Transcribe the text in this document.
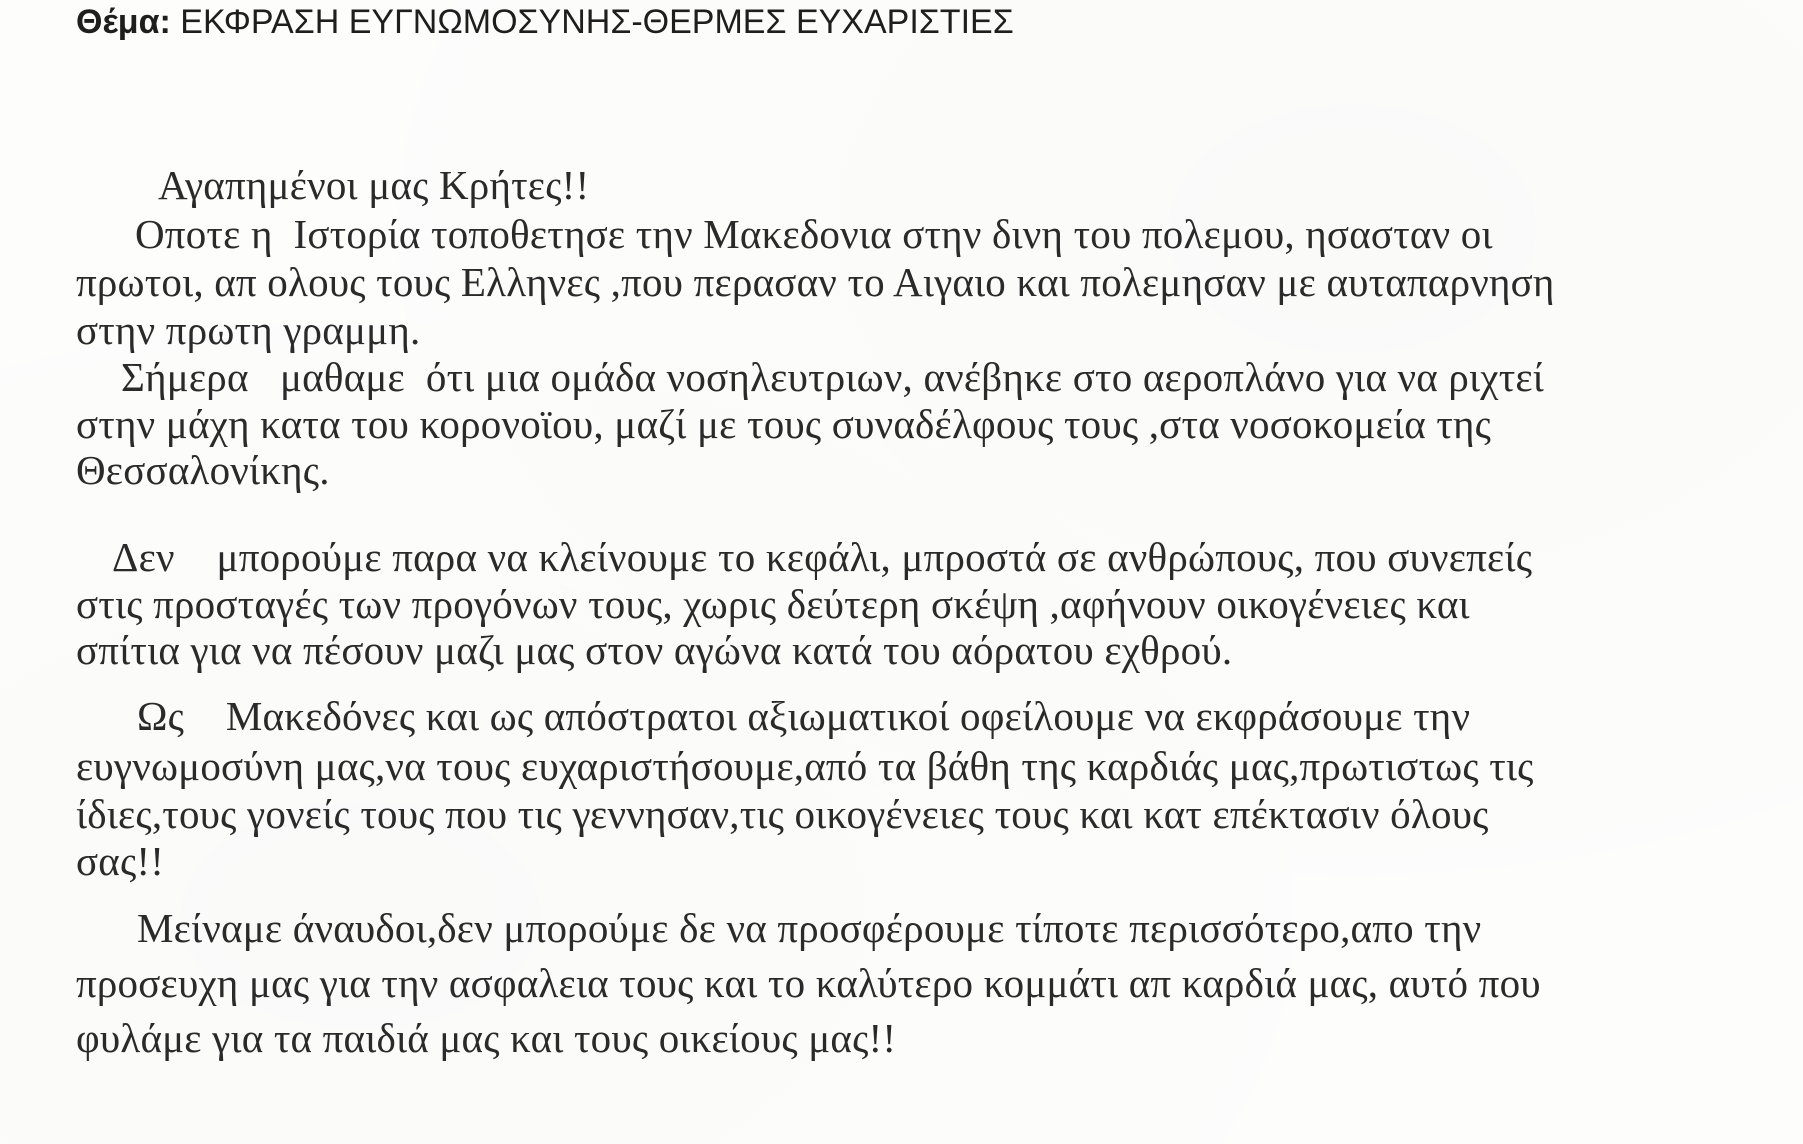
Θέμα: ΕΚΦΡΑΣΗ ΕΥΓΝΩΜΟΣΥΝΗΣ-ΘΕΡΜΕΣ ΕΥΧΑΡΙΣΤΙΕΣ
Αγαπημένοι μας Κρήτες!!
Οποτε η  Ιστορία τοποθετησε την Μακεδονια στην δινη του πολεμου, ησασταν οι
πρωτοι, απ ολους τους Ελληνες ,που περασαν το Αιγαιο και πολεμησαν με αυταπαρνηση
στην πρωτη γραμμη.
Σήμερα   μαθαμε  ότι μια ομάδα νοσηλευτριων, ανέβηκε στο αεροπλάνο για να ριχτεί
στην μάχη κατα του κορονοϊου, μαζί με τους συναδέλφους τους ,στα νοσοκομεία της
Θεσσαλονίκης.
Δεν    μπορούμε παρα να κλείνουμε το κεφάλι, μπροστά σε ανθρώπους, που συνεπείς
στις προσταγές των προγόνων τους, χωρις δεύτερη σκέψη ,αφήνουν οικογένειες και
σπίτια για να πέσουν μαζι μας στον αγώνα κατά του αόρατου εχθρού.
Ως    Μακεδόνες και ως απόστρατοι αξιωματικοί οφείλουμε να εκφράσουμε την
ευγνωμοσύνη μας,να τους ευχαριστήσουμε,από τα βάθη της καρδιάς μας,πρωτιστως τις
ίδιες,τους γονείς τους που τις γεννησαν,τις οικογένειες τους και κατ επέκτασιν όλους
σας!!
Μείναμε άναυδοι,δεν μπορούμε δε να προσφέρουμε τίποτε περισσότερο,απο την
προσευχη μας για την ασφαλεια τους και το καλύτερο κομμάτι απ καρδιά μας, αυτό που
φυλάμε για τα παιδιά μας και τους οικείους μας!!
